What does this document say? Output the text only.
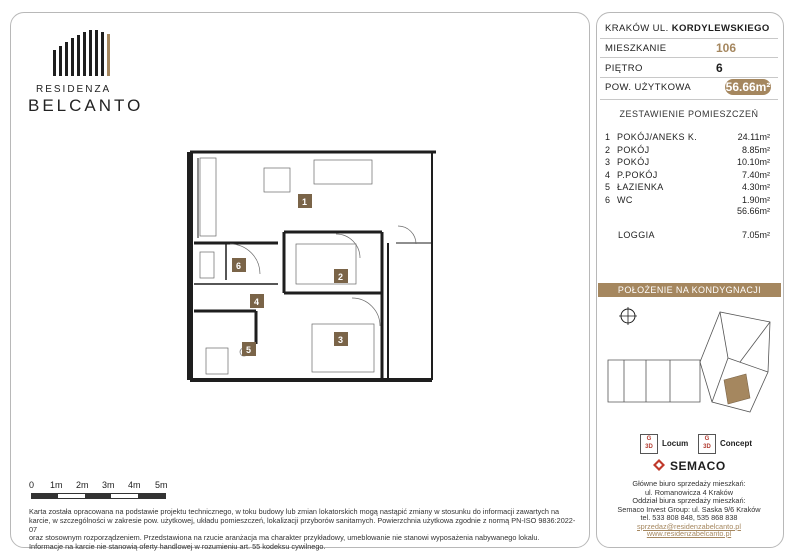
RESIDENZA
BELCANTO
1
2
3
4
5
6
0 1m 2m 3m 4m 5m
Karta została opracowana na podstawie projektu technicznego, w toku budowy lub zmian lokatorskich mogą nastąpić zmiany w stosunku do informacji zawartych na
karcie, w szczególności w zakresie pow. użytkowej, układu pomieszczeń, lokalizacji przyborów sanitarnych. Powierzchnia użytkowa zgodnie z normą PN-ISO 9836:2022-07
oraz stosownym rozporządzeniem. Przedstawiona na rzucie aranżacja ma charakter przykładowy, umeblowanie nie stanowi wyposażenia nabywanego lokalu.
Informacje na karcie nie stanowią oferty handlowej w rozumieniu art. 55 kodeksu cywilnego.
KRAKÓW UL. KORDYLEWSKIEGO
MIESZKANIE	106
PIĘTRO	6
POW. UŻYTKOWA	56.66m²
ZESTAWIENIE POMIESZCZEŃ
1 POKÓJ/ANEKS K.	24.11m²
2 POKÓJ	8.85m²
3 POKÓJ	10.10m²
4 P.POKÓJ	7.40m²
5 ŁAZIENKA	4.30m²
6 WC	1.90m²
56.66m²
LOGGIA	7.05m²
POŁOŻENIE NA KONDYGNACJI
G
3D	Locum	G
3D	Concept
SEMACO
Główne biuro sprzedaży mieszkań:
ul. Romanowicza 4 Kraków
Oddział biura sprzedaży mieszkań:
Semaco Invest Group: ul. Saska 9/6 Kraków
tel. 533 808 848, 535 868 838
sprzedaz@residenzabelcanto.pl
www.residenzabelcanto.pl
